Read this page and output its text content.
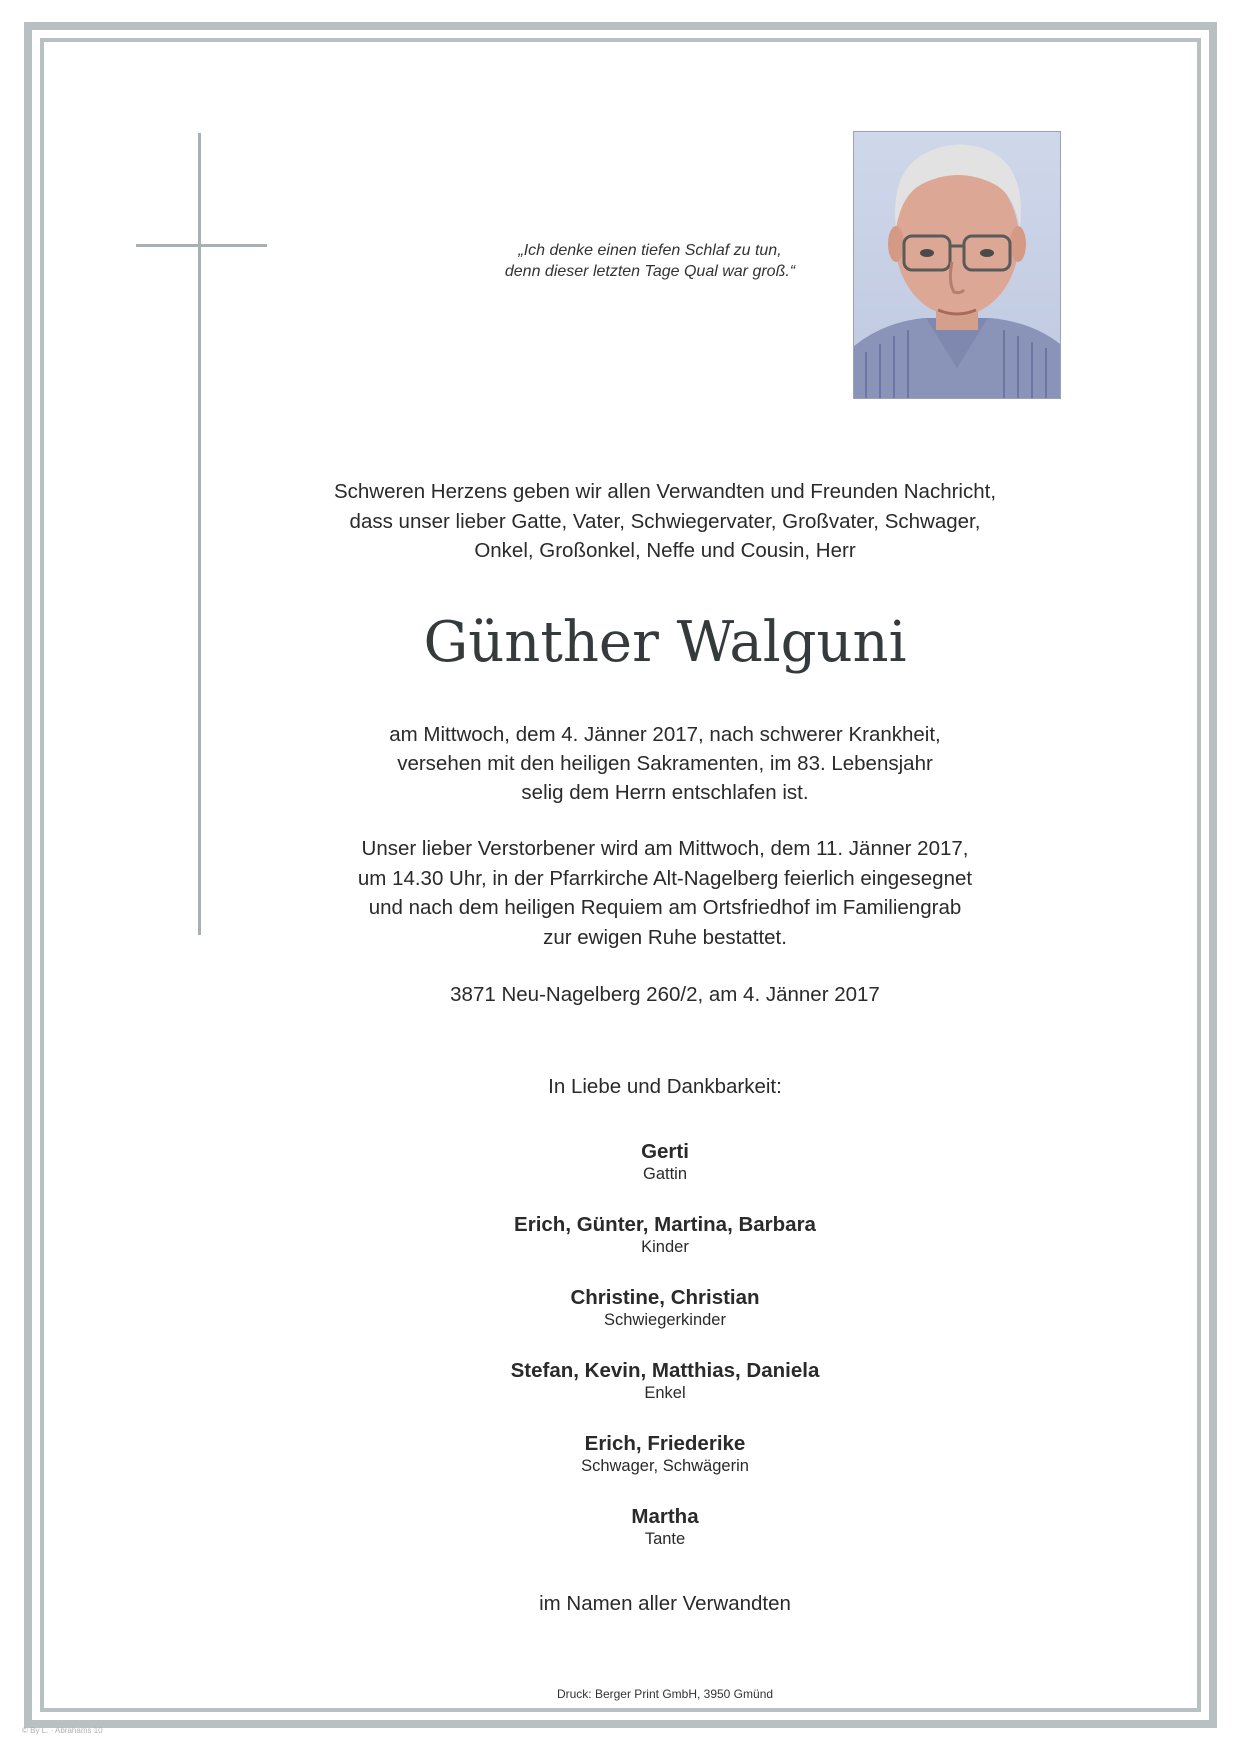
„Ich denke einen tiefen Schlaf zu tun,
denn dieser letzten Tage Qual war groß.“
Schweren Herzens geben wir allen Verwandten und Freunden Nachricht,
dass unser lieber Gatte, Vater, Schwiegervater, Großvater, Schwager,
Onkel, Großonkel, Neffe und Cousin, Herr
Günther Walguni
am Mittwoch, dem 4. Jänner 2017, nach schwerer Krankheit,
versehen mit den heiligen Sakramenten, im 83. Lebensjahr
selig dem Herrn entschlafen ist.
Unser lieber Verstorbener wird am Mittwoch, dem 11. Jänner 2017,
um 14.30 Uhr, in der Pfarrkirche Alt-Nagelberg feierlich eingesegnet
und nach dem heiligen Requiem am Ortsfriedhof im Familiengrab
zur ewigen Ruhe bestattet.
3871 Neu-Nagelberg 260/2, am 4. Jänner 2017
In Liebe und Dankbarkeit:
Gerti
Gattin
Erich, Günter, Martina, Barbara
Kinder
Christine, Christian
Schwiegerkinder
Stefan, Kevin, Matthias, Daniela
Enkel
Erich, Friederike
Schwager, Schwägerin
Martha
Tante
im Namen aller Verwandten
Druck: Berger Print GmbH, 3950 Gmünd
© By L. · Abrahams 10
